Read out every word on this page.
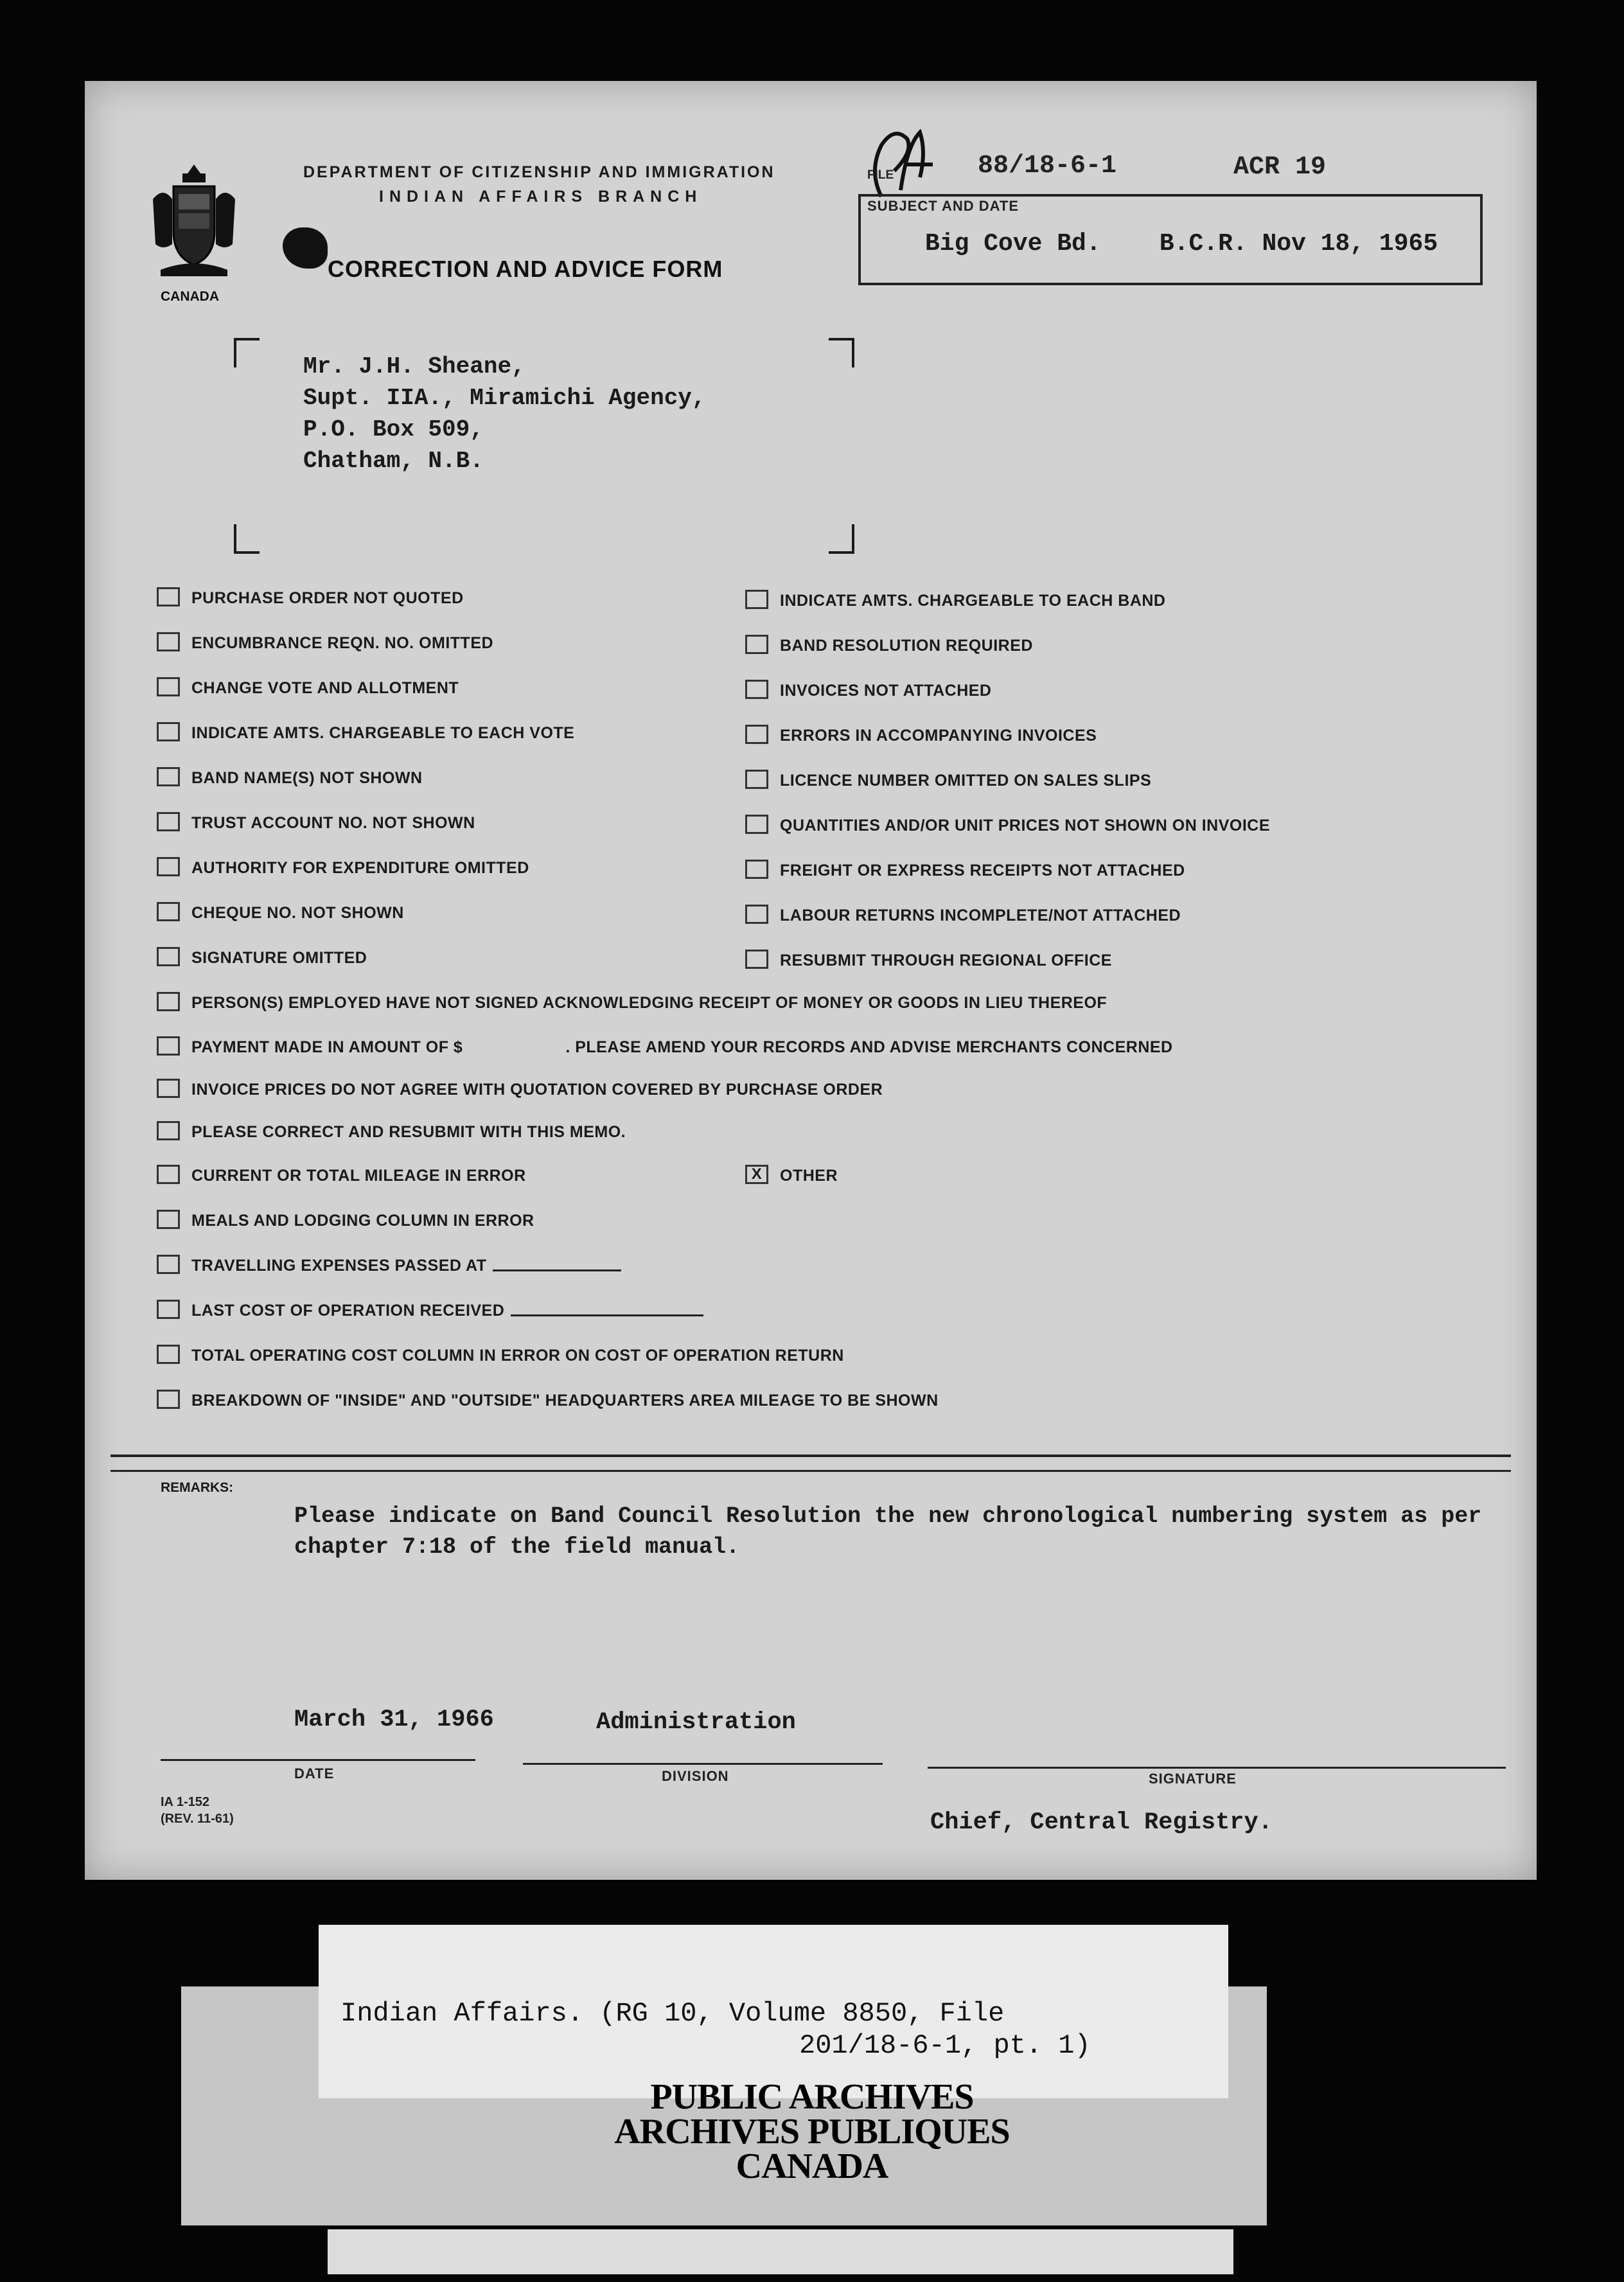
CANADA
DEPARTMENT OF CITIZENSHIP AND IMMIGRATION
INDIAN AFFAIRS BRANCH
CORRECTION AND ADVICE FORM
FILE	88/18-6-1	ACR 19
SUBJECT AND DATE
Big Cove Bd.    B.C.R. Nov 18, 1965
Mr. J.H. Sheane,
Supt. IIA., Miramichi Agency,
P.O. Box 509,
Chatham, N.B.
PURCHASE ORDER NOT QUOTED
ENCUMBRANCE REQN. NO. OMITTED
CHANGE VOTE AND ALLOTMENT
INDICATE AMTS. CHARGEABLE TO EACH VOTE
BAND NAME(S) NOT SHOWN
TRUST ACCOUNT NO. NOT SHOWN
AUTHORITY FOR EXPENDITURE OMITTED
CHEQUE NO. NOT SHOWN
SIGNATURE OMITTED
INDICATE AMTS. CHARGEABLE TO EACH BAND
BAND RESOLUTION REQUIRED
INVOICES NOT ATTACHED
ERRORS IN ACCOMPANYING INVOICES
LICENCE NUMBER OMITTED ON SALES SLIPS
QUANTITIES AND/OR UNIT PRICES NOT SHOWN ON INVOICE
FREIGHT OR EXPRESS RECEIPTS NOT ATTACHED
LABOUR RETURNS INCOMPLETE/NOT ATTACHED
RESUBMIT THROUGH REGIONAL OFFICE
PERSON(S) EMPLOYED HAVE NOT SIGNED ACKNOWLEDGING RECEIPT OF MONEY OR GOODS IN LIEU THEREOF
PAYMENT MADE IN AMOUNT OF $	. PLEASE AMEND YOUR RECORDS AND ADVISE MERCHANTS CONCERNED
INVOICE PRICES DO NOT AGREE WITH QUOTATION COVERED BY PURCHASE ORDER
PLEASE CORRECT AND RESUBMIT WITH THIS MEMO.
CURRENT OR TOTAL MILEAGE IN ERROR	X OTHER
MEALS AND LODGING COLUMN IN ERROR
TRAVELLING EXPENSES PASSED AT
LAST COST OF OPERATION RECEIVED
TOTAL OPERATING COST COLUMN IN ERROR ON COST OF OPERATION RETURN
BREAKDOWN OF "INSIDE" AND "OUTSIDE" HEADQUARTERS AREA MILEAGE TO BE SHOWN
REMARKS:
Please indicate on Band Council Resolution the new chronological numbering system as per chapter 7:18 of the field manual.
March 31, 1966	Administration
DATE	DIVISION	SIGNATURE
Chief, Central Registry.
IA 1-152
(REV. 11-61)
Indian Affairs. (RG 10, Volume 8850, File
201/18-6-1, pt. 1)
PUBLIC ARCHIVES
ARCHIVES PUBLIQUES
CANADA
